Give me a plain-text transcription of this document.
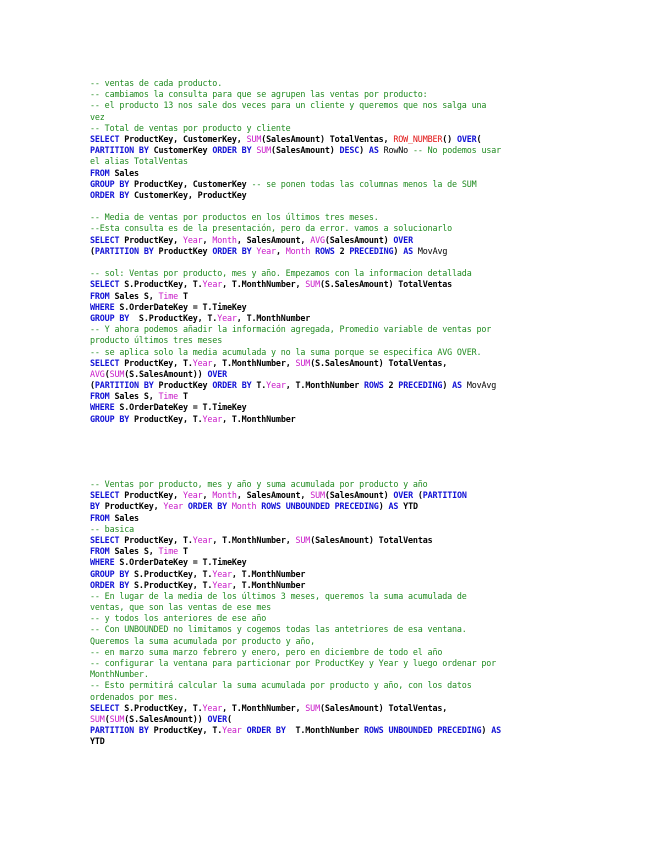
-- ventas de cada producto.
-- cambiamos la consulta para que se agrupen las ventas por producto:
-- el producto 13 nos sale dos veces para un cliente y queremos que nos salga una
vez
-- Total de ventas por producto y cliente
SELECT ProductKey, CustomerKey, SUM(SalesAmount) TotalVentas, ROW_NUMBER() OVER(
PARTITION BY CustomerKey ORDER BY SUM(SalesAmount) DESC) AS RowNo -- No podemos usar
el alias TotalVentas
FROM Sales
GROUP BY ProductKey, CustomerKey -- se ponen todas las columnas menos la de SUM
ORDER BY CustomerKey, ProductKey
-- Media de ventas por productos en los últimos tres meses.
--Esta consulta es de la presentación, pero da error. vamos a solucionarlo
SELECT ProductKey, Year, Month, SalesAmount, AVG(SalesAmount) OVER
(PARTITION BY ProductKey ORDER BY Year, Month ROWS 2 PRECEDING) AS MovAvg
-- sol: Ventas por producto, mes y año. Empezamos con la informacion detallada
SELECT S.ProductKey, T.Year, T.MonthNumber, SUM(S.SalesAmount) TotalVentas
FROM Sales S, Time T
WHERE S.OrderDateKey = T.TimeKey
GROUP BY  S.ProductKey, T.Year, T.MonthNumber
-- Y ahora podemos añadir la información agregada, Promedio variable de ventas por
producto últimos tres meses
-- se aplica solo la media acumulada y no la suma porque se especifica AVG OVER.
SELECT ProductKey, T.Year, T.MonthNumber, SUM(S.SalesAmount) TotalVentas,
AVG(SUM(S.SalesAmount)) OVER
(PARTITION BY ProductKey ORDER BY T.Year, T.MonthNumber ROWS 2 PRECEDING) AS MovAvg
FROM Sales S, Time T
WHERE S.OrderDateKey = T.TimeKey
GROUP BY ProductKey, T.Year, T.MonthNumber
-- Ventas por producto, mes y año y suma acumulada por producto y año
SELECT ProductKey, Year, Month, SalesAmount, SUM(SalesAmount) OVER (PARTITION
BY ProductKey, Year ORDER BY Month ROWS UNBOUNDED PRECEDING) AS YTD
FROM Sales
-- basica
SELECT ProductKey, T.Year, T.MonthNumber, SUM(SalesAmount) TotalVentas
FROM Sales S, Time T
WHERE S.OrderDateKey = T.TimeKey
GROUP BY S.ProductKey, T.Year, T.MonthNumber
ORDER BY S.ProductKey, T.Year, T.MonthNumber
-- En lugar de la media de los últimos 3 meses, queremos la suma acumulada de
ventas, que son las ventas de ese mes
-- y todos los anteriores de ese año
-- Con UNBOUNDED no limitamos y cogemos todas las antetriores de esa ventana.
Queremos la suma acumulada por producto y año,
-- en marzo suma marzo febrero y enero, pero en diciembre de todo el año
-- configurar la ventana para particionar por ProductKey y Year y luego ordenar por
MonthNumber.
-- Esto permitirá calcular la suma acumulada por producto y año, con los datos
ordenados por mes.
SELECT S.ProductKey, T.Year, T.MonthNumber, SUM(SalesAmount) TotalVentas,
SUM(SUM(S.SalesAmount)) OVER(
PARTITION BY ProductKey, T.Year ORDER BY  T.MonthNumber ROWS UNBOUNDED PRECEDING) AS
YTD
